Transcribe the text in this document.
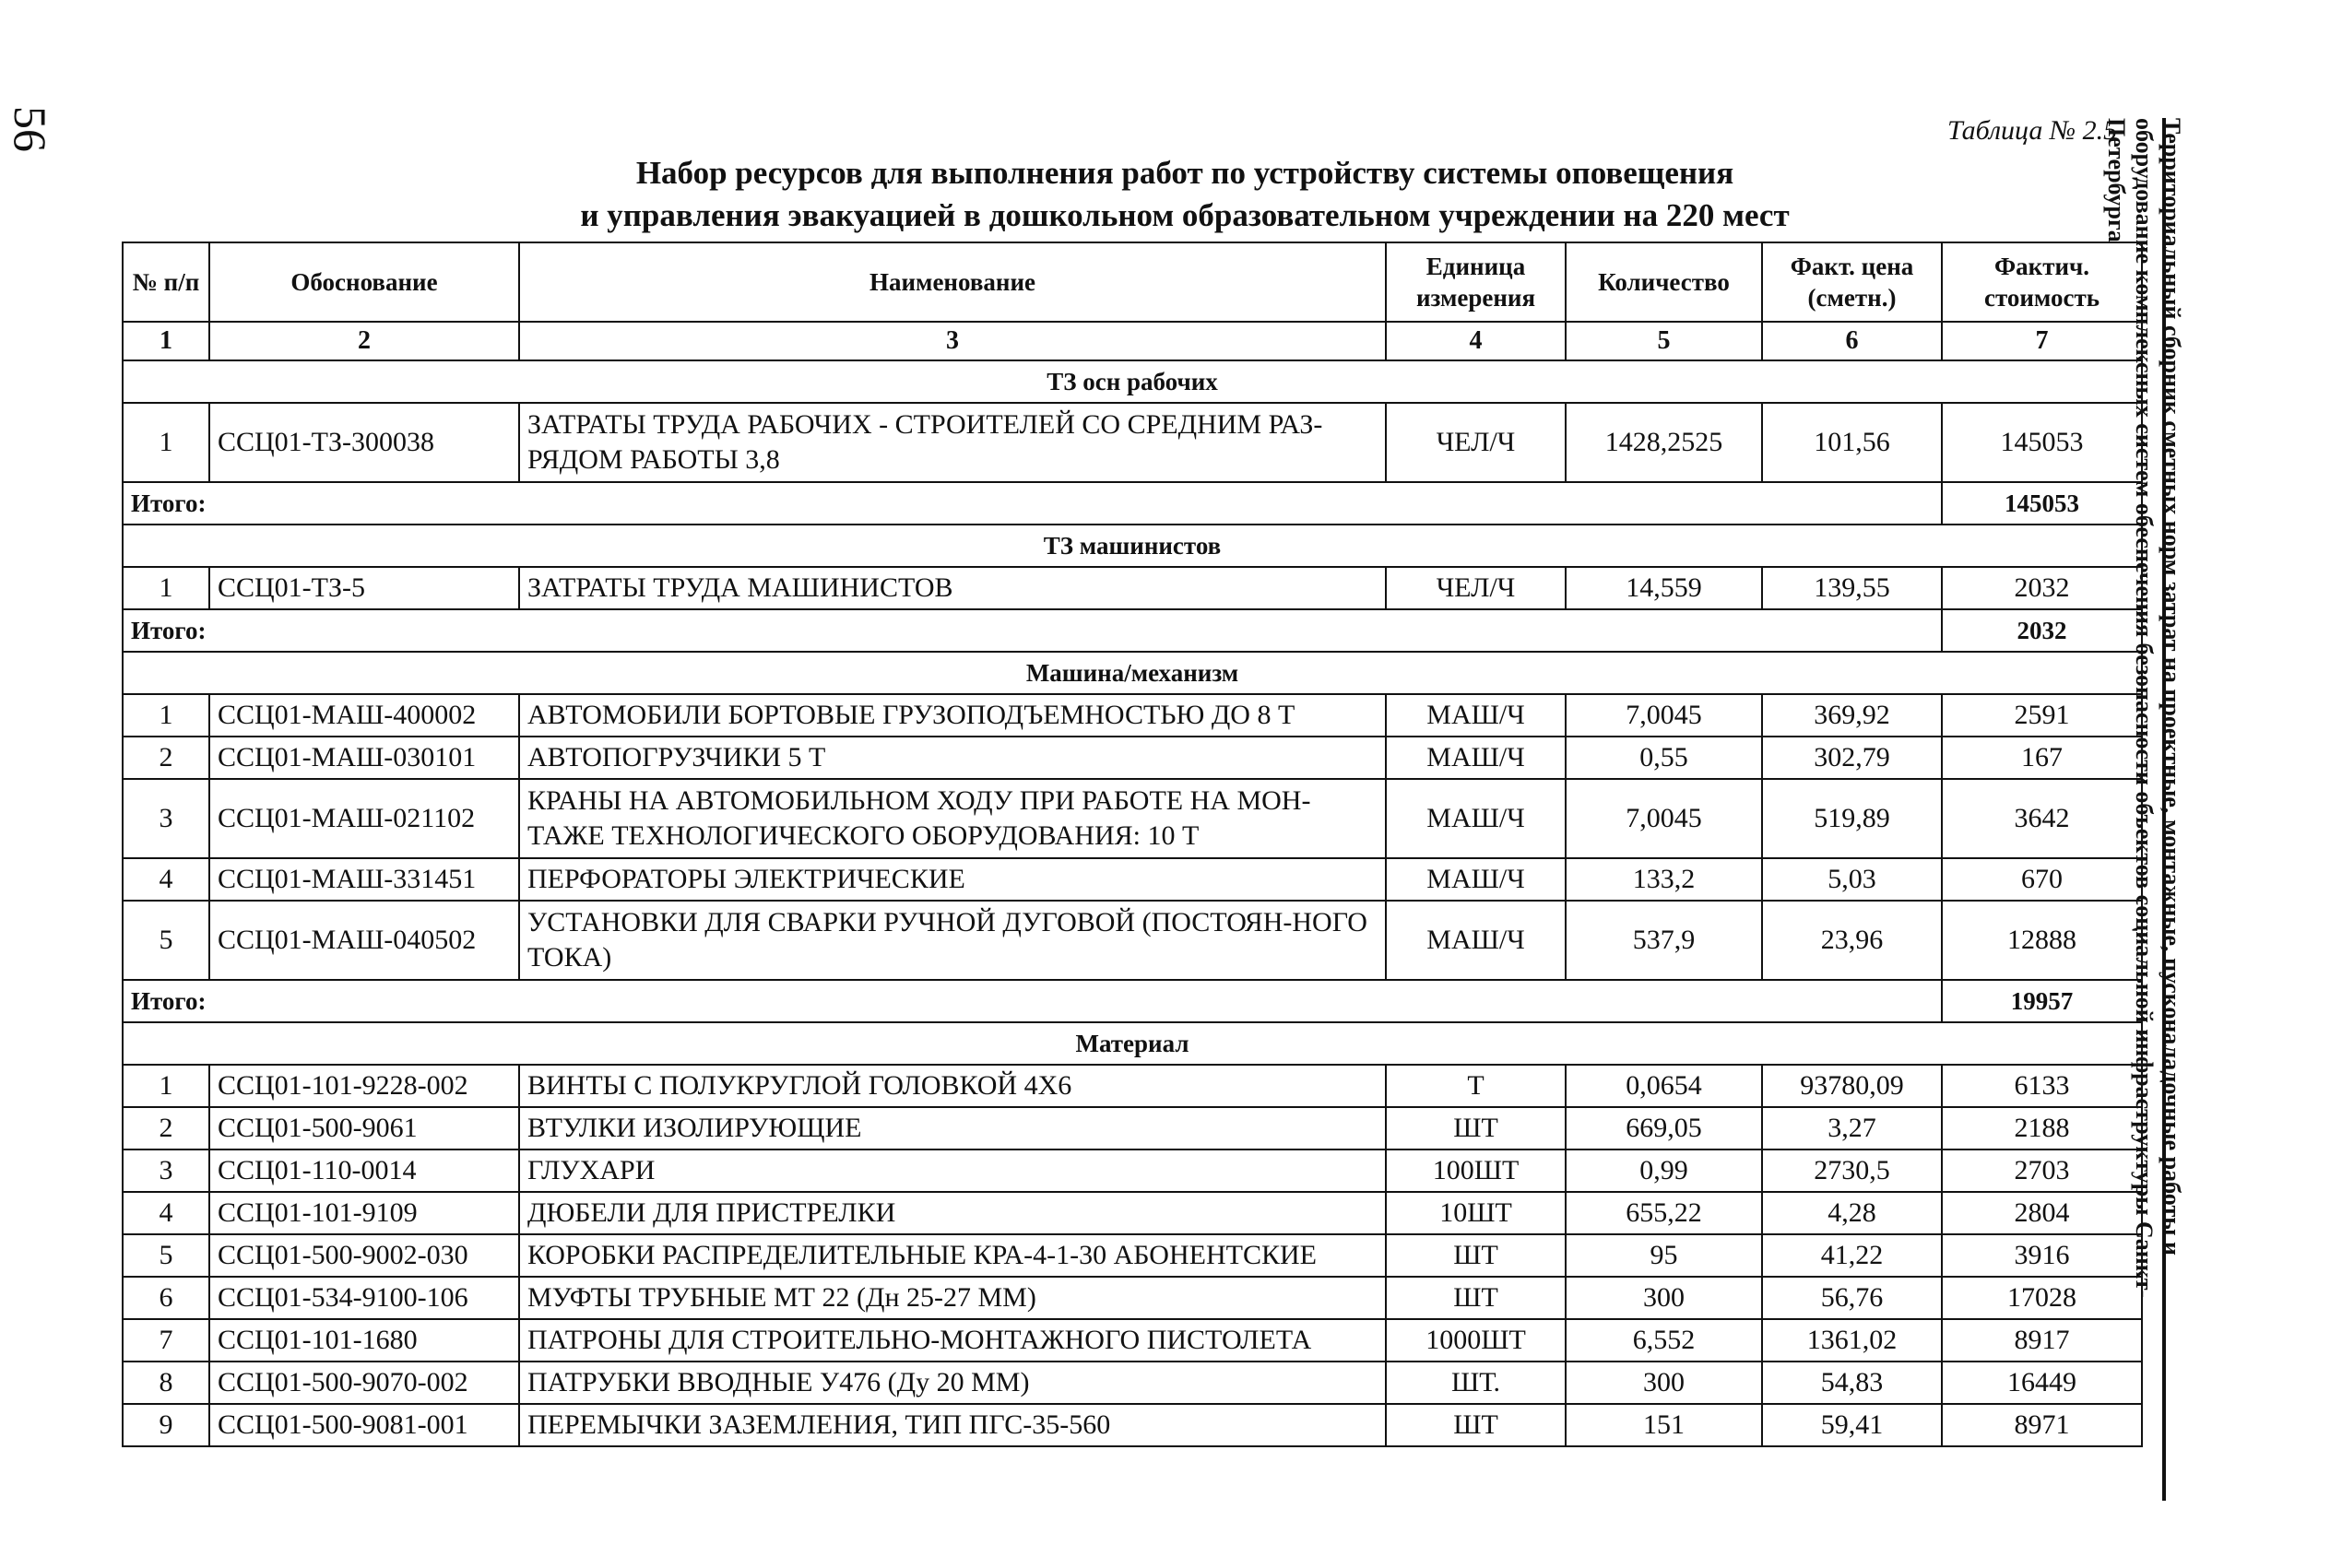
56	Территориальный сборник сметных норм затрат на проектные, монтажные, пусконаладочные работы и оборудование комплексных систем обеспечения безопасности объектов социальной инфраструктуры Санкт-Петербурга
Таблица № 2.5
Набор ресурсов для выполнения работ по устройству системы оповещения
и управления эвакуацией в дошкольном образовательном учреждении на 220 мест
№ п/п	Обоснование	Наименование	Единица измерения	Количество	Факт. цена (сметн.)	Фактич. стоимость
1	2	3	4	5	6	7
ТЗ осн рабочих						
1	ССЦ01-ТЗ-300038	ЗАТРАТЫ ТРУДА РАБОЧИХ - СТРОИТЕЛЕЙ СО СРЕДНИМ РАЗ-РЯДОМ РАБОТЫ 3,8	ЧЕЛ/Ч	1428,2525	101,56	145053
Итого:						145053
ТЗ машинистов						
1	ССЦ01-ТЗ-5	ЗАТРАТЫ ТРУДА МАШИНИСТОВ	ЧЕЛ/Ч	14,559	139,55	2032
Итого:						2032
Машина/механизм						
1	ССЦ01-МАШ-400002	АВТОМОБИЛИ БОРТОВЫЕ ГРУЗОПОДЪЕМНОСТЬЮ ДО 8 Т	МАШ/Ч	7,0045	369,92	2591
2	ССЦ01-МАШ-030101	АВТОПОГРУЗЧИКИ 5 Т	МАШ/Ч	0,55	302,79	167
3	ССЦ01-МАШ-021102	КРАНЫ НА АВТОМОБИЛЬНОМ ХОДУ ПРИ РАБОТЕ НА МОН-ТАЖЕ ТЕХНОЛОГИЧЕСКОГО ОБОРУДОВАНИЯ: 10 Т	МАШ/Ч	7,0045	519,89	3642
4	ССЦ01-МАШ-331451	ПЕРФОРАТОРЫ ЭЛЕКТРИЧЕСКИЕ	МАШ/Ч	133,2	5,03	670
5	ССЦ01-МАШ-040502	УСТАНОВКИ ДЛЯ СВАРКИ РУЧНОЙ ДУГОВОЙ (ПОСТОЯН-НОГО ТОКА)	МАШ/Ч	537,9	23,96	12888
Итого:						19957
Материал						
1	ССЦ01-101-9228-002	ВИНТЫ С ПОЛУКРУГЛОЙ ГОЛОВКОЙ 4Х6	Т	0,0654	93780,09	6133
2	ССЦ01-500-9061	ВТУЛКИ ИЗОЛИРУЮЩИЕ	ШТ	669,05	3,27	2188
3	ССЦ01-110-0014	ГЛУХАРИ	100ШТ	0,99	2730,5	2703
4	ССЦ01-101-9109	ДЮБЕЛИ ДЛЯ ПРИСТРЕЛКИ	10ШТ	655,22	4,28	2804
5	ССЦ01-500-9002-030	КОРОБКИ РАСПРЕДЕЛИТЕЛЬНЫЕ КРА-4-1-30 АБОНЕНТСКИЕ	ШТ	95	41,22	3916
6	ССЦ01-534-9100-106	МУФТЫ ТРУБНЫЕ МТ 22 (Дн 25-27 ММ)	ШТ	300	56,76	17028
7	ССЦ01-101-1680	ПАТРОНЫ ДЛЯ СТРОИТЕЛЬНО-МОНТАЖНОГО ПИСТОЛЕТА	1000ШТ	6,552	1361,02	8917
8	ССЦ01-500-9070-002	ПАТРУБКИ ВВОДНЫЕ У476 (Ду 20 ММ)	ШТ.	300	54,83	16449
9	ССЦ01-500-9081-001	ПЕРЕМЫЧКИ ЗАЗЕМЛЕНИЯ, ТИП ПГС-35-560	ШТ	151	59,41	8971
